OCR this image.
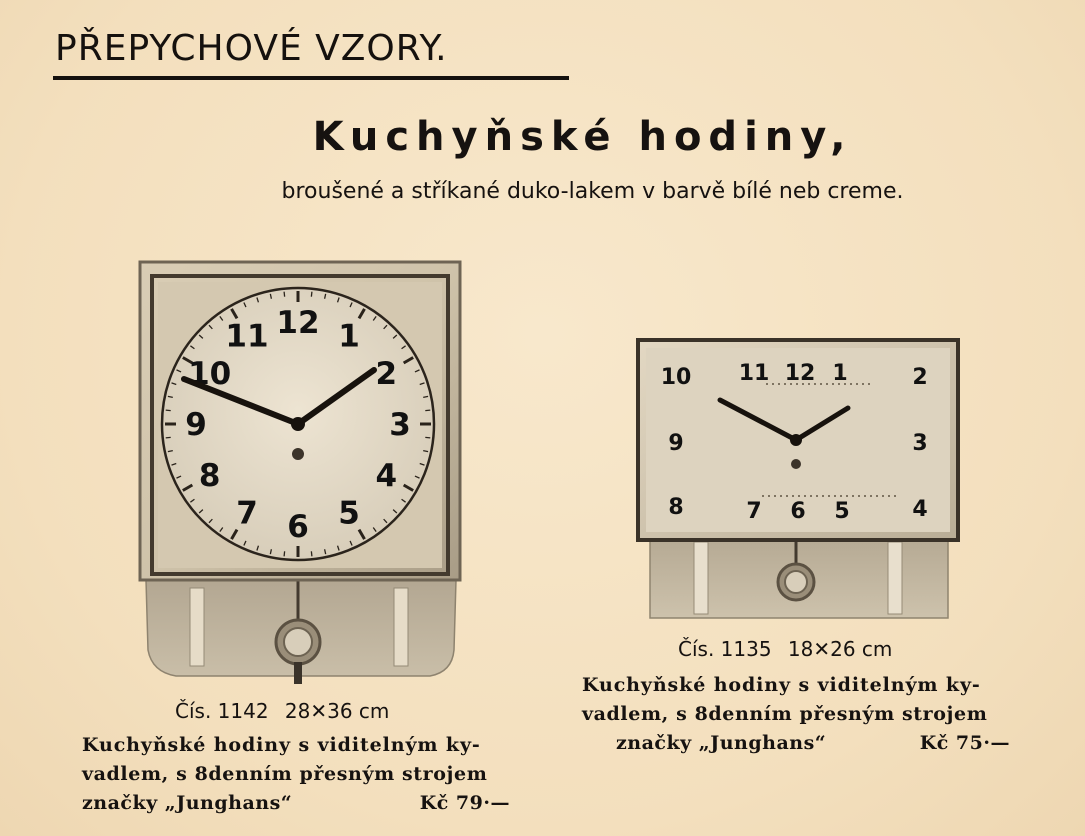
PŘEPYCHOVÉ VZORY.
Kuchyňské hodiny,
broušené a stříkané duko-lakem v barvě bílé neb creme.
12 1
2
3
4
5
6
7
8
9
10
11
12 1	2
3
4
5
6
7
8
9
10 11
Čís. 1142 28✕36 cm
Kuchyňské hodiny s viditelným ky-
vadlem, s 8denním přesným strojem
značky „Junghans“	Kč 79·—
Čís. 1135 18✕26 cm
Kuchyňské hodiny s viditelným ky-
vadlem, s 8denním přesným strojem
značky „Junghans“	Kč 75·—
